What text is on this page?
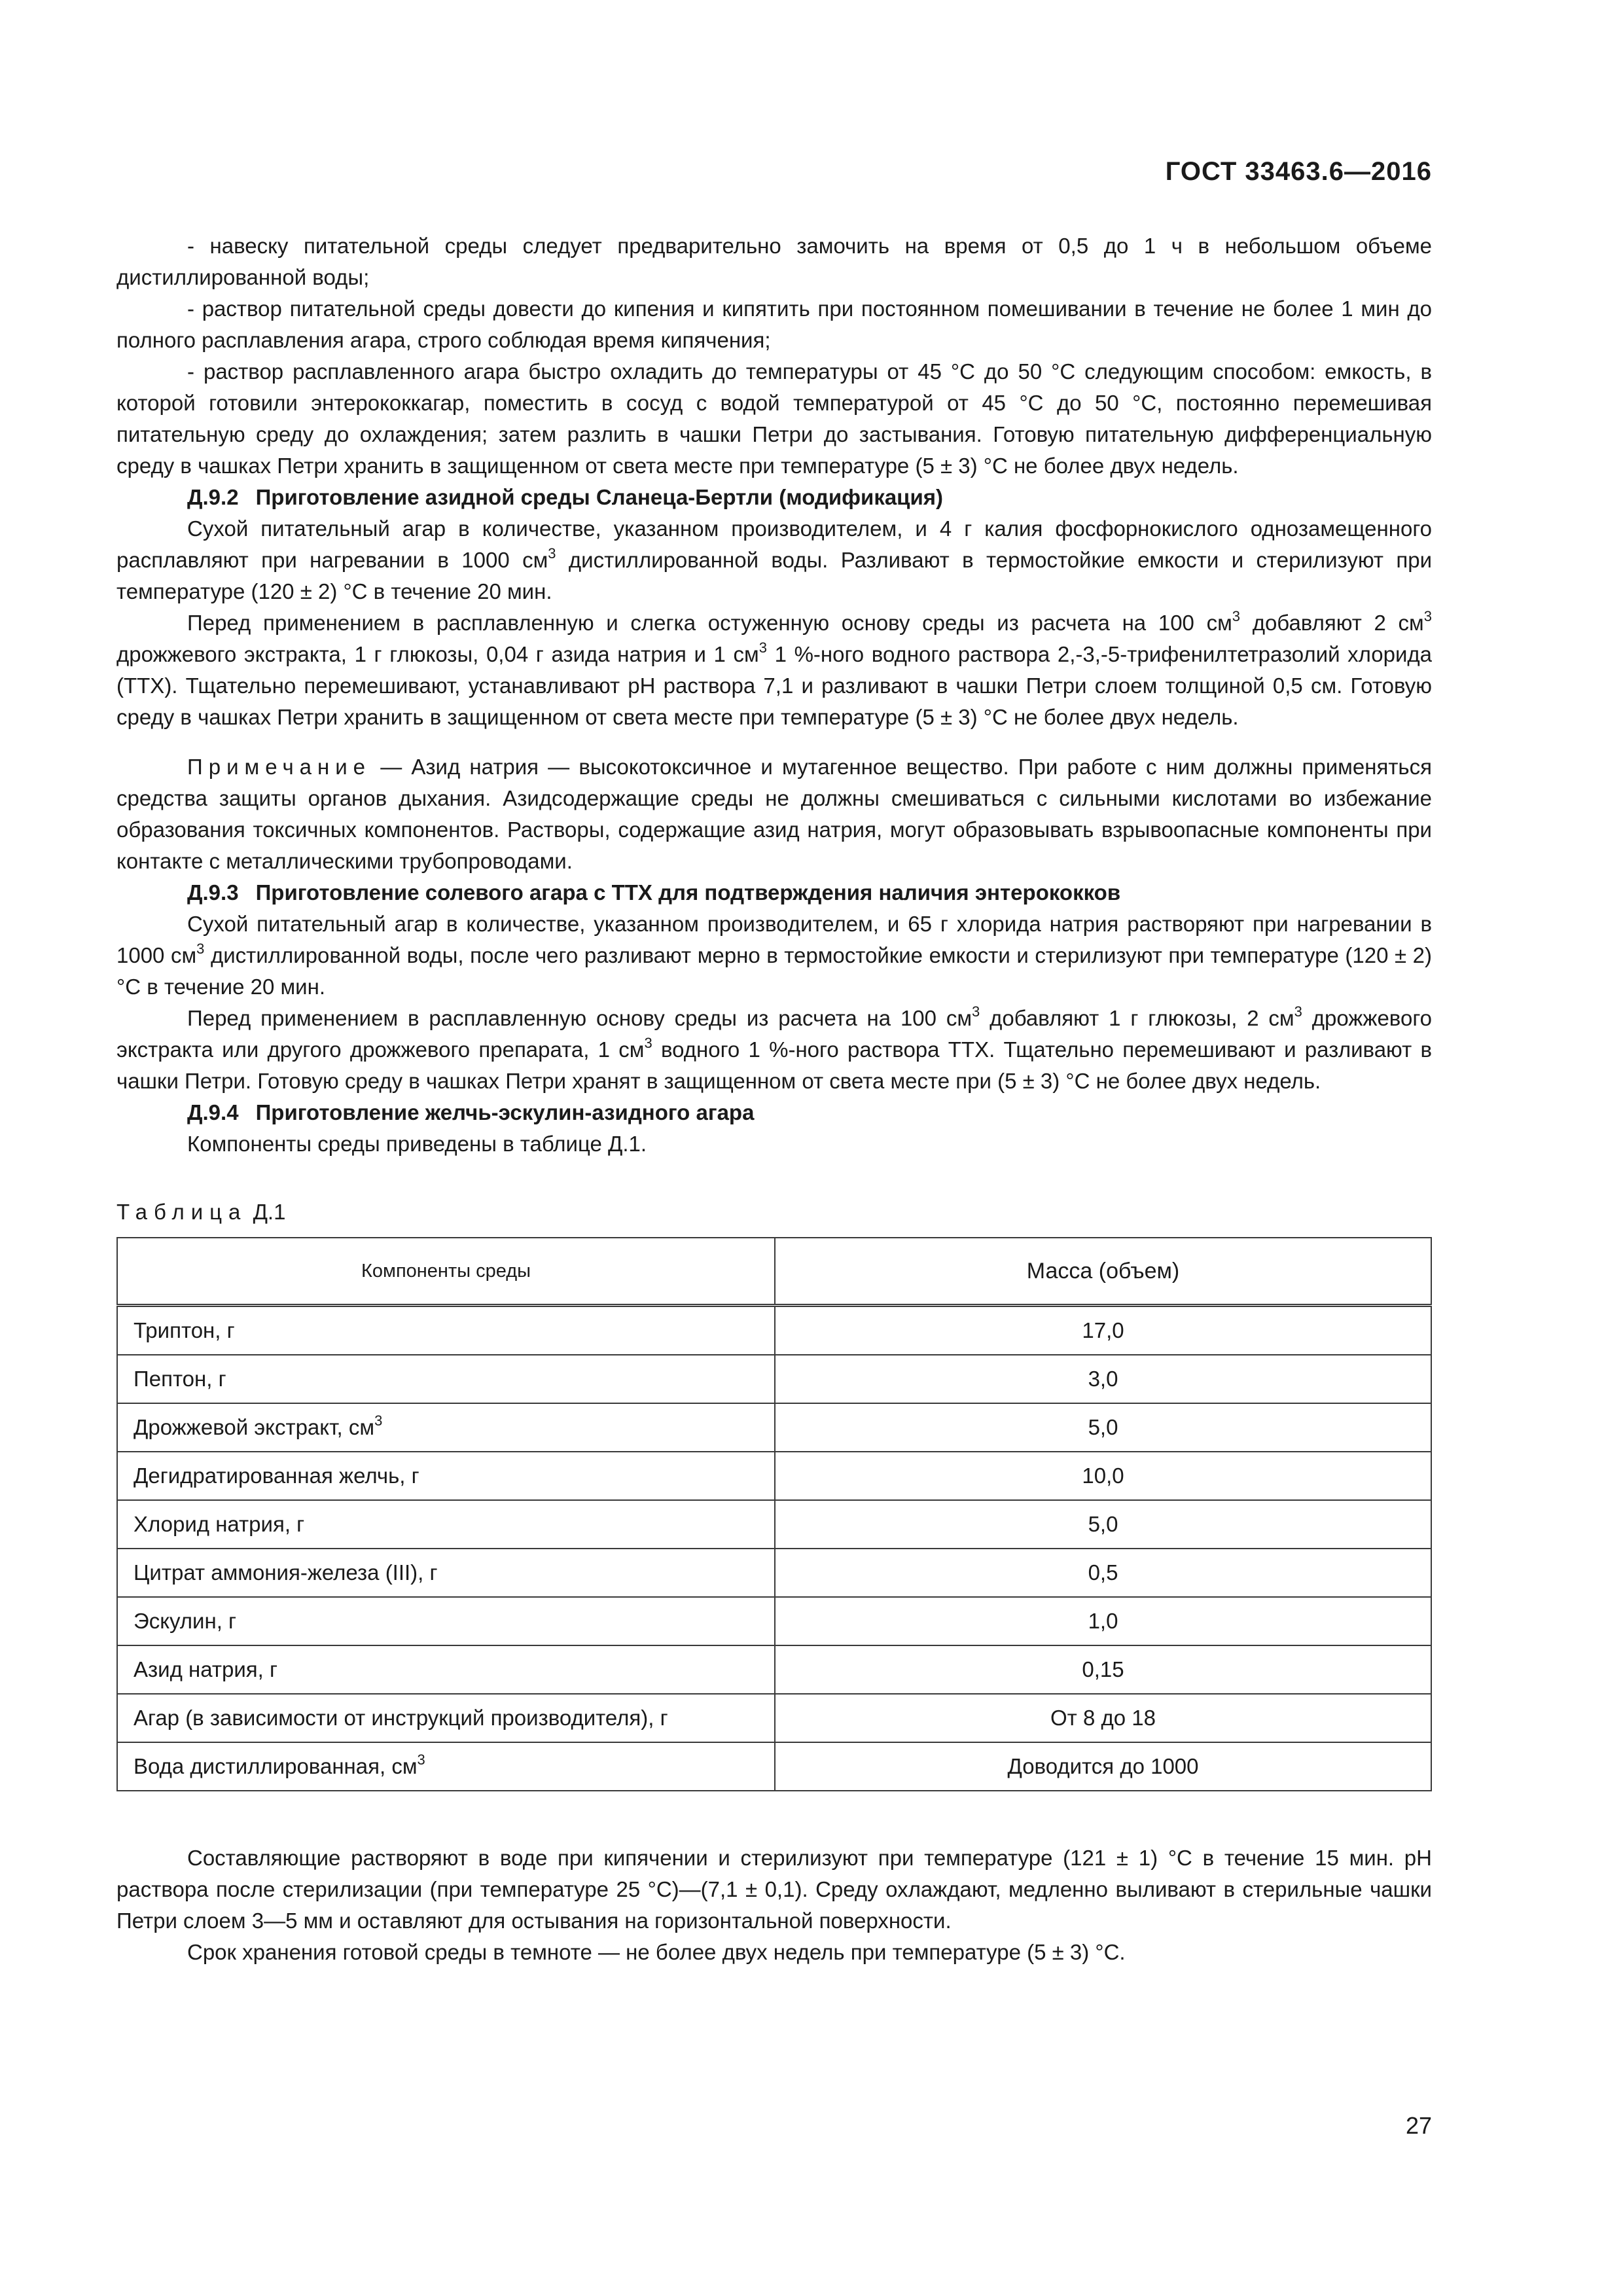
ГОСТ 33463.6—2016

- навеску питательной среды следует предварительно замочить на время от 0,5 до 1 ч в небольшом объеме дистиллированной воды;

- раствор питательной среды довести до кипения и кипятить при постоянном помешивании в течение не более 1 мин до полного расплавления агара, строго соблюдая время кипячения;

- раствор расплавленного агара быстро охладить до температуры от 45 °С до 50 °С следующим способом: емкость, в которой готовили энтерококкагар, поместить в сосуд с водой температурой от 45 °С до 50 °С, постоянно перемешивая питательную среду до охлаждения; затем разлить в чашки Петри до застывания. Готовую питательную дифференциальную среду в чашках Петри хранить в защищенном от света месте при температуре (5 ± 3) °С не более двух недель.

Д.9.2 Приготовление азидной среды Сланеца-Бертли (модификация)

Сухой питательный агар в количестве, указанном производителем, и 4 г калия фосфорнокислого однозамещенного расплавляют при нагревании в 1000 $см^3$ дистиллированной воды. Разливают в термостойкие емкости и стерилизуют при температуре (120 ± 2) °С в течение 20 мин.

Перед применением в расплавленную и слегка остуженную основу среды из расчета на 100 $см^3$ добавляют 2 $см^3$ дрожжевого экстракта, 1 г глюкозы, 0,04 г азида натрия и 1 $см^3$ 1 %-ного водного раствора 2,-3,-5-трифенилтетразолий хлорида (ТТХ). Тщательно перемешивают, устанавливают рН раствора 7,1 и разливают в чашки Петри слоем толщиной 0,5 см. Готовую среду в чашках Петри хранить в защищенном от света месте при температуре (5 ± 3) °С не более двух недель.

Примечание — Азид натрия — высокотоксичное и мутагенное вещество. При работе с ним должны применяться средства защиты органов дыхания. Азидсодержащие среды не должны смешиваться с сильными кислотами во избежание образования токсичных компонентов. Растворы, содержащие азид натрия, могут образовывать взрывоопасные компоненты при контакте с металлическими трубопроводами.

Д.9.3 Приготовление солевого агара с ТТХ для подтверждения наличия энтерококков

Сухой питательный агар в количестве, указанном производителем, и 65 г хлорида натрия растворяют при нагревании в 1000 $см^3$ дистиллированной воды, после чего разливают мерно в термостойкие емкости и стерилизуют при температуре (120 ± 2) °С в течение 20 мин.

Перед применением в расплавленную основу среды из расчета на 100 $см^3$ добавляют 1 г глюкозы, 2 $см^3$ дрожжевого экстракта или другого дрожжевого препарата, 1 $см^3$ водного 1 %-ного раствора ТТХ. Тщательно перемешивают и разливают в чашки Петри. Готовую среду в чашках Петри хранят в защищенном от света месте при (5 ± 3) °С не более двух недель.

Д.9.4 Приготовление желчь-эскулин-азидного агара

Компоненты среды приведены в таблице Д.1.

Таблица Д.1
Компоненты среды	Масса (объем)
Триптон, г	17,0
Пептон, г	3,0
Дрожжевой экстракт, $см^3$	5,0
Дегидратированная желчь, г	10,0
Хлорид натрия, г	5,0
Цитрат аммония-железа (III), г	0,5
Эскулин, г	1,0
Азид натрия, г	0,15
Агар (в зависимости от инструкций производителя), г	От 8 до 18
Вода дистиллированная, $см^3$	Доводится до 1000

Составляющие растворяют в воде при кипячении и стерилизуют при температуре (121 ± 1) °С в течение 15 мин. рН раствора после стерилизации (при температуре 25 °С)—(7,1 ± 0,1). Среду охлаждают, медленно выливают в стерильные чашки Петри слоем 3—5 мм и оставляют для остывания на горизонтальной поверхности.

Срок хранения готовой среды в темноте — не более двух недель при температуре (5 ± 3) °С.

27
